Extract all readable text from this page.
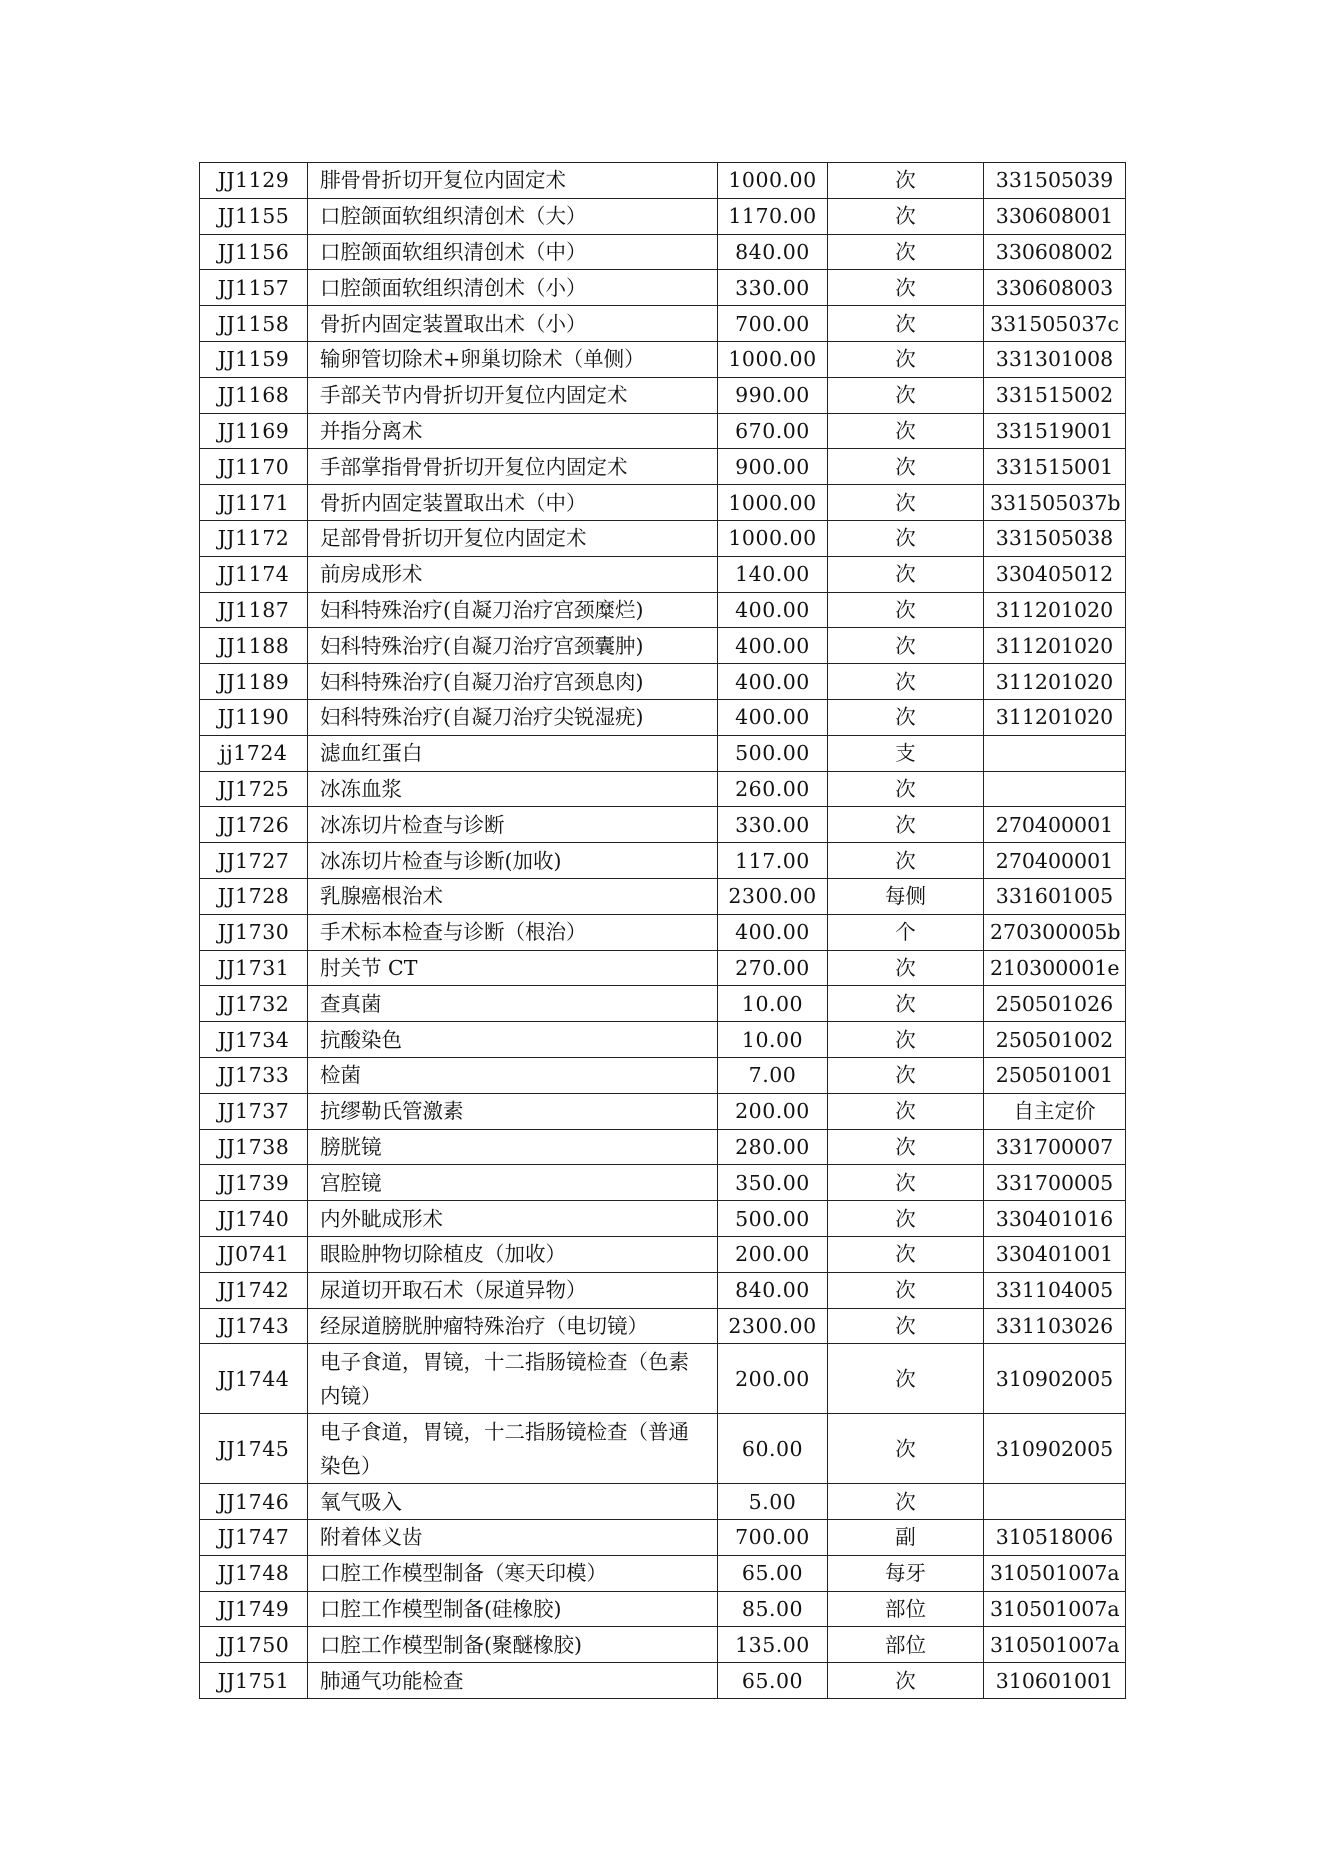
JJ1129	腓骨骨折切开复位内固定术	1000.00	次	331505039
JJ1155	口腔颌面软组织清创术（大）	1170.00	次	330608001
JJ1156	口腔颌面软组织清创术（中）	840.00	次	330608002
JJ1157	口腔颌面软组织清创术（小）	330.00	次	330608003
JJ1158	骨折内固定装置取出术（小）	700.00	次	331505037c
JJ1159	输卵管切除术+卵巢切除术（单侧）	1000.00	次	331301008
JJ1168	手部关节内骨折切开复位内固定术	990.00	次	331515002
JJ1169	并指分离术	670.00	次	331519001
JJ1170	手部掌指骨骨折切开复位内固定术	900.00	次	331515001
JJ1171	骨折内固定装置取出术（中）	1000.00	次	331505037b
JJ1172	足部骨骨折切开复位内固定术	1000.00	次	331505038
JJ1174	前房成形术	140.00	次	330405012
JJ1187	妇科特殊治疗(自凝刀治疗宫颈糜烂)	400.00	次	311201020
JJ1188	妇科特殊治疗(自凝刀治疗宫颈囊肿)	400.00	次	311201020
JJ1189	妇科特殊治疗(自凝刀治疗宫颈息肉)	400.00	次	311201020
JJ1190	妇科特殊治疗(自凝刀治疗尖锐湿疣)	400.00	次	311201020
jj1724	滤血红蛋白	500.00	支	
JJ1725	冰冻血浆	260.00	次	
JJ1726	冰冻切片检查与诊断	330.00	次	270400001
JJ1727	冰冻切片检查与诊断(加收)	117.00	次	270400001
JJ1728	乳腺癌根治术	2300.00	每侧	331601005
JJ1730	手术标本检查与诊断（根治）	400.00	个	270300005b
JJ1731	肘关节 CT	270.00	次	210300001e
JJ1732	查真菌	10.00	次	250501026
JJ1734	抗酸染色	10.00	次	250501002
JJ1733	检菌	7.00	次	250501001
JJ1737	抗缪勒氏管激素	200.00	次	自主定价
JJ1738	膀胱镜	280.00	次	331700007
JJ1739	宫腔镜	350.00	次	331700005
JJ1740	内外眦成形术	500.00	次	330401016
JJ0741	眼睑肿物切除植皮（加收）	200.00	次	330401001
JJ1742	尿道切开取石术（尿道异物）	840.00	次	331104005
JJ1743	经尿道膀胱肿瘤特殊治疗（电切镜）	2300.00	次	331103026
JJ1744	电子食道，胃镜，十二指肠镜检查（色素内镜）	200.00	次	310902005
JJ1745	电子食道，胃镜，十二指肠镜检查（普通染色）	60.00	次	310902005
JJ1746	氧气吸入	5.00	次	
JJ1747	附着体义齿	700.00	副	310518006
JJ1748	口腔工作模型制备（寒天印模）	65.00	每牙	310501007a
JJ1749	口腔工作模型制备(硅橡胶)	85.00	部位	310501007a
JJ1750	口腔工作模型制备(聚醚橡胶)	135.00	部位	310501007a
JJ1751	肺通气功能检查	65.00	次	310601001
